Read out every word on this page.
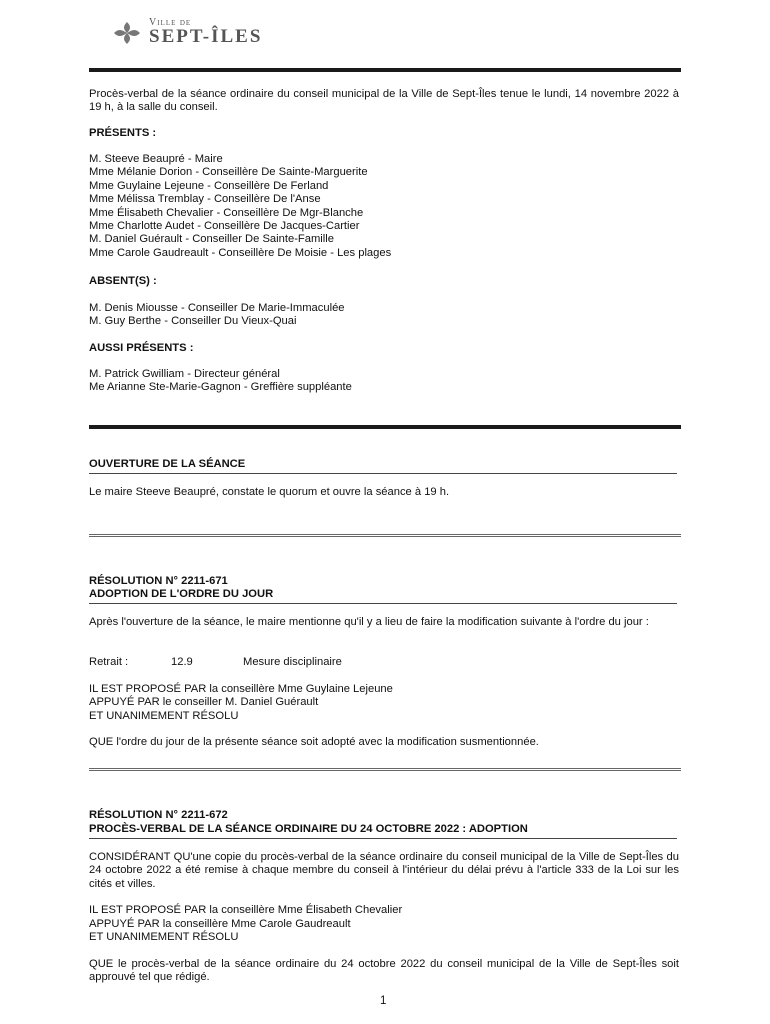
Ville de
SEPT-ÎLES
Procès-verbal de la séance ordinaire du conseil municipal de la Ville de Sept-Îles tenue le lundi, 14 novembre 2022 à 19 h, à la salle du conseil.
PRÉSENTS :
M. Steeve Beaupré - Maire
Mme Mélanie Dorion - Conseillère De Sainte-Marguerite
Mme Guylaine Lejeune - Conseillère De Ferland
Mme Mélissa Tremblay - Conseillère De l'Anse
Mme Élisabeth Chevalier - Conseillère De Mgr-Blanche
Mme Charlotte Audet - Conseillère De Jacques-Cartier
M. Daniel Guérault - Conseiller De Sainte-Famille
Mme Carole Gaudreault - Conseillère De Moisie - Les plages
ABSENT(S) :
M. Denis Miousse - Conseiller De Marie-Immaculée
M. Guy Berthe - Conseiller Du Vieux-Quai
AUSSI PRÉSENTS :
M. Patrick Gwilliam - Directeur général
Me Arianne Ste-Marie-Gagnon - Greffière suppléante
OUVERTURE DE LA SÉANCE
Le maire Steeve Beaupré, constate le quorum et ouvre la séance à 19 h.
RÉSOLUTION N° 2211-671
ADOPTION DE L'ORDRE DU JOUR
Après l'ouverture de la séance, le maire mentionne qu'il y a lieu de faire la modification suivante à l'ordre du jour :
Retrait :	12.9	Mesure disciplinaire
IL EST PROPOSÉ PAR la conseillère Mme Guylaine Lejeune
APPUYÉ PAR le conseiller M. Daniel Guérault
ET UNANIMEMENT RÉSOLU
QUE l'ordre du jour de la présente séance soit adopté avec la modification susmentionnée.
RÉSOLUTION N° 2211-672
PROCÈS-VERBAL DE LA SÉANCE ORDINAIRE DU 24 OCTOBRE 2022 : ADOPTION
CONSIDÉRANT QU'une copie du procès-verbal de la séance ordinaire du conseil municipal de la Ville de Sept-Îles du 24 octobre 2022 a été remise à chaque membre du conseil à l'intérieur du délai prévu à l'article 333 de la Loi sur les cités et villes.
IL EST PROPOSÉ PAR la conseillère Mme Élisabeth Chevalier
APPUYÉ PAR la conseillère Mme Carole Gaudreault
ET UNANIMEMENT RÉSOLU
QUE le procès-verbal de la séance ordinaire du 24 octobre 2022 du conseil municipal de la Ville de Sept-Îles soit approuvé tel que rédigé.
1
